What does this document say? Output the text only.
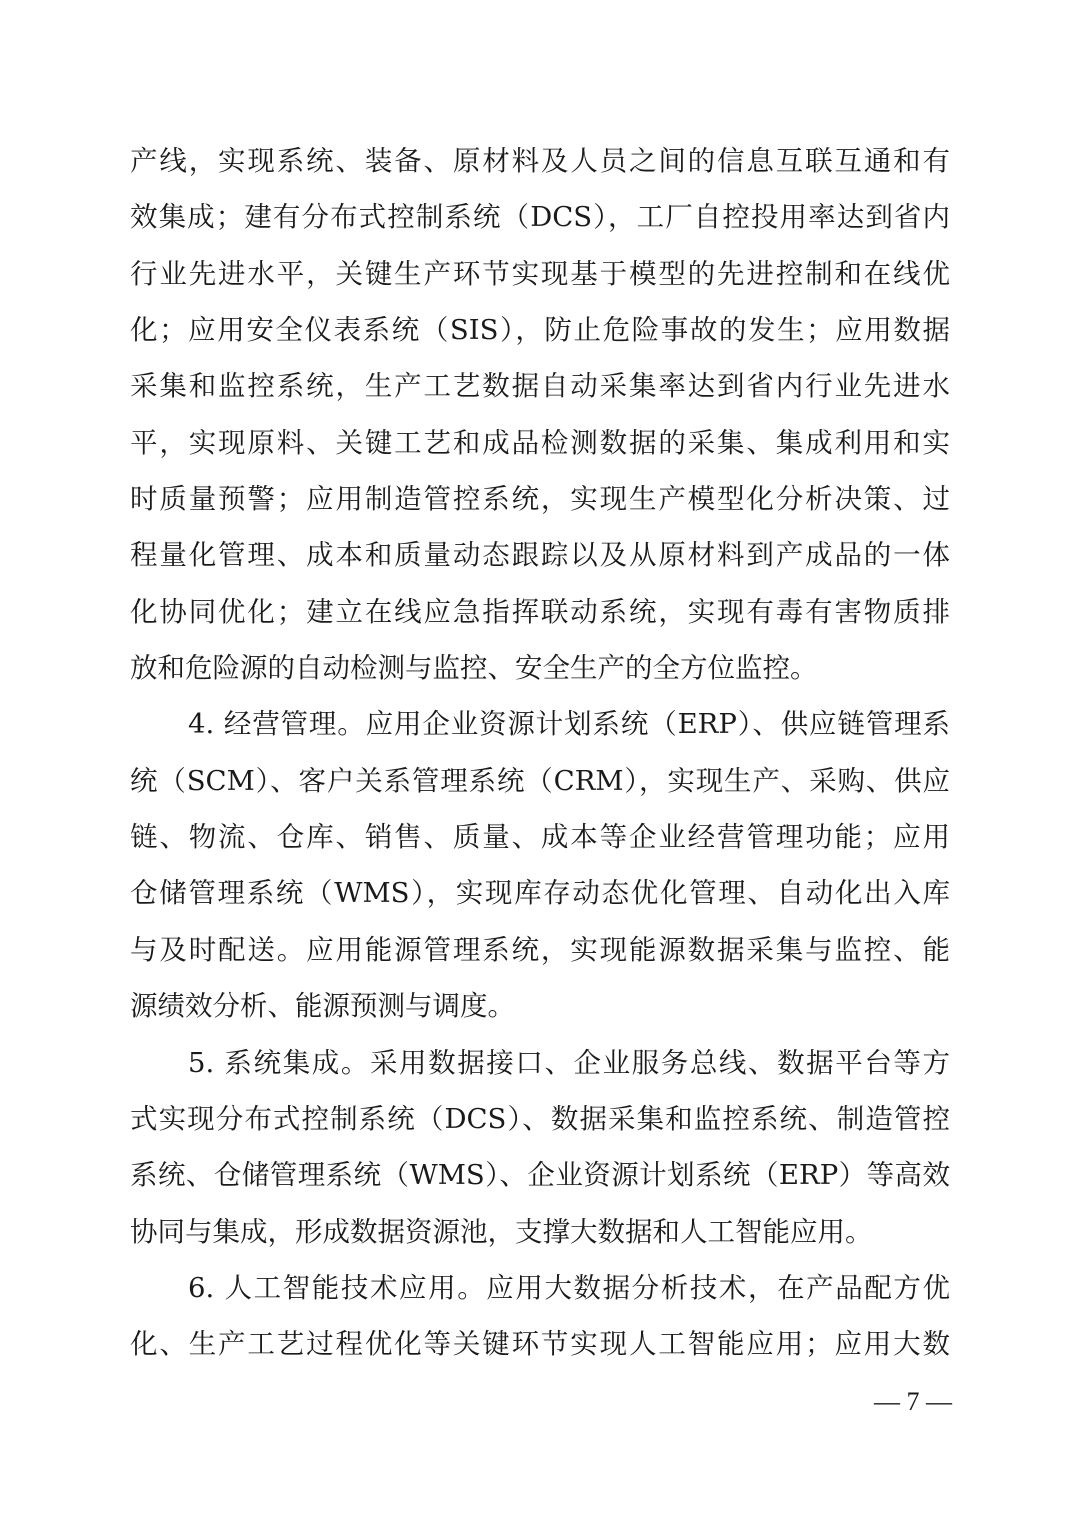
产线，实现系统、装备、原材料及人员之间的信息互联互通和有
效集成；建有分布式控制系统（DCS），工厂自控投用率达到省内
行业先进水平，关键生产环节实现基于模型的先进控制和在线优
化；应用安全仪表系统（SIS），防止危险事故的发生；应用数据
采集和监控系统，生产工艺数据自动采集率达到省内行业先进水
平，实现原料、关键工艺和成品检测数据的采集、集成利用和实
时质量预警；应用制造管控系统，实现生产模型化分析决策、过
程量化管理、成本和质量动态跟踪以及从原材料到产成品的一体
化协同优化；建立在线应急指挥联动系统，实现有毒有害物质排
放和危险源的自动检测与监控、安全生产的全方位监控。
4. 经营管理。应用企业资源计划系统（ERP）、供应链管理系
统（SCM）、客户关系管理系统（CRM），实现生产、采购、供应
链、物流、仓库、销售、质量、成本等企业经营管理功能；应用
仓储管理系统（WMS），实现库存动态优化管理、自动化出入库
与及时配送。应用能源管理系统，实现能源数据采集与监控、能
源绩效分析、能源预测与调度。
5. 系统集成。采用数据接口、企业服务总线、数据平台等方
式实现分布式控制系统（DCS）、数据采集和监控系统、制造管控
系统、仓储管理系统（WMS）、企业资源计划系统（ERP）等高效
协同与集成，形成数据资源池，支撑大数据和人工智能应用。
6. 人工智能技术应用。应用大数据分析技术，在产品配方优
化、生产工艺过程优化等关键环节实现人工智能应用；应用大数
— 7 —
